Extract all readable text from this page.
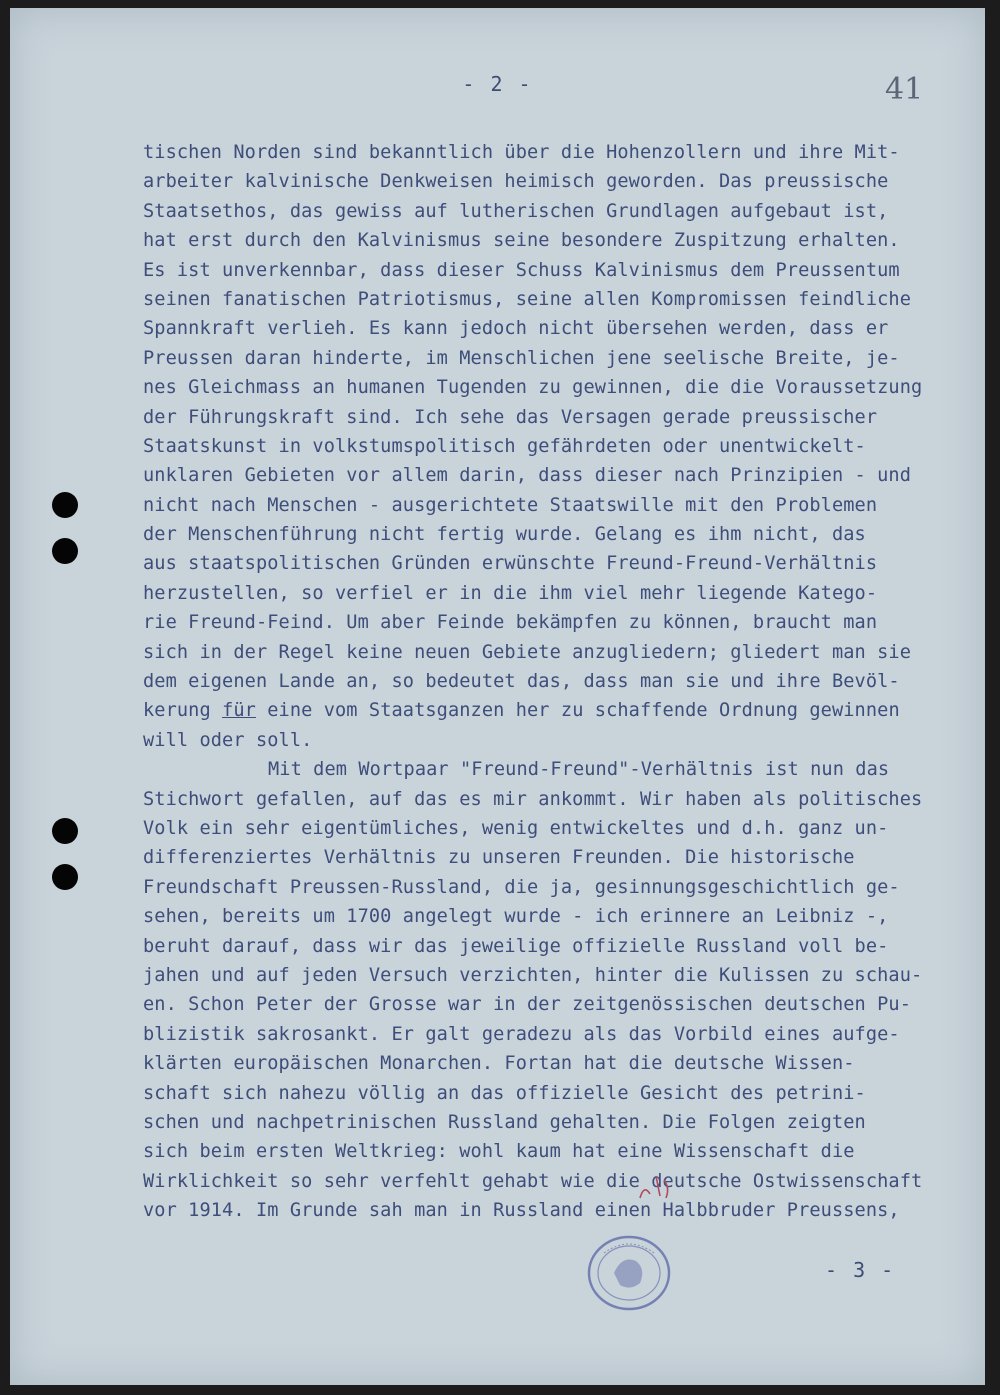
- 2 -	41
tischen Norden sind bekanntlich über die Hohenzollern und ihre Mit-
arbeiter kalvinische Denkweisen heimisch geworden. Das preussische
Staatsethos, das gewiss auf lutherischen Grundlagen aufgebaut ist,
hat erst durch den Kalvinismus seine besondere Zuspitzung erhalten.
Es ist unverkennbar, dass dieser Schuss Kalvinismus dem Preussentum
seinen fanatischen Patriotismus, seine allen Kompromissen feindliche
Spannkraft verlieh. Es kann jedoch nicht übersehen werden, dass er
Preussen daran hinderte, im Menschlichen jene seelische Breite, je-
nes Gleichmass an humanen Tugenden zu gewinnen, die die Voraussetzung
der Führungskraft sind. Ich sehe das Versagen gerade preussischer
Staatskunst in volkstumspolitisch gefährdeten oder unentwickelt-
unklaren Gebieten vor allem darin, dass dieser nach Prinzipien - und
nicht nach Menschen - ausgerichtete Staatswille mit den Problemen
der Menschenführung nicht fertig wurde. Gelang es ihm nicht, das
aus staatspolitischen Gründen erwünschte Freund-Freund-Verhältnis
herzustellen, so verfiel er in die ihm viel mehr liegende Katego-
rie Freund-Feind. Um aber Feinde bekämpfen zu können, braucht man
sich in der Regel keine neuen Gebiete anzugliedern; gliedert man sie
dem eigenen Lande an, so bedeutet das, dass man sie und ihre Bevöl-
kerung für eine vom Staatsganzen her zu schaffende Ordnung gewinnen
will oder soll.
Mit dem Wortpaar "Freund-Freund"-Verhältnis ist nun das
Stichwort gefallen, auf das es mir ankommt. Wir haben als politisches
Volk ein sehr eigentümliches, wenig entwickeltes und d.h. ganz un-
differenziertes Verhältnis zu unseren Freunden. Die historische
Freundschaft Preussen-Russland, die ja, gesinnungsgeschichtlich ge-
sehen, bereits um 1700 angelegt wurde - ich erinnere an Leibniz -,
beruht darauf, dass wir das jeweilige offizielle Russland voll be-
jahen und auf jeden Versuch verzichten, hinter die Kulissen zu schau-
en. Schon Peter der Grosse war in der zeitgenössischen deutschen Pu-
blizistik sakrosankt. Er galt geradezu als das Vorbild eines aufge-
klärten europäischen Monarchen. Fortan hat die deutsche Wissen-
schaft sich nahezu völlig an das offizielle Gesicht des petrini-
schen und nachpetrinischen Russland gehalten. Die Folgen zeigten
sich beim ersten Weltkrieg: wohl kaum hat eine Wissenschaft die
Wirklichkeit so sehr verfehlt gehabt wie die deutsche Ostwissenschaft
vor 1914. Im Grunde sah man in Russland einen Halbbruder Preussens,
- 3 -
